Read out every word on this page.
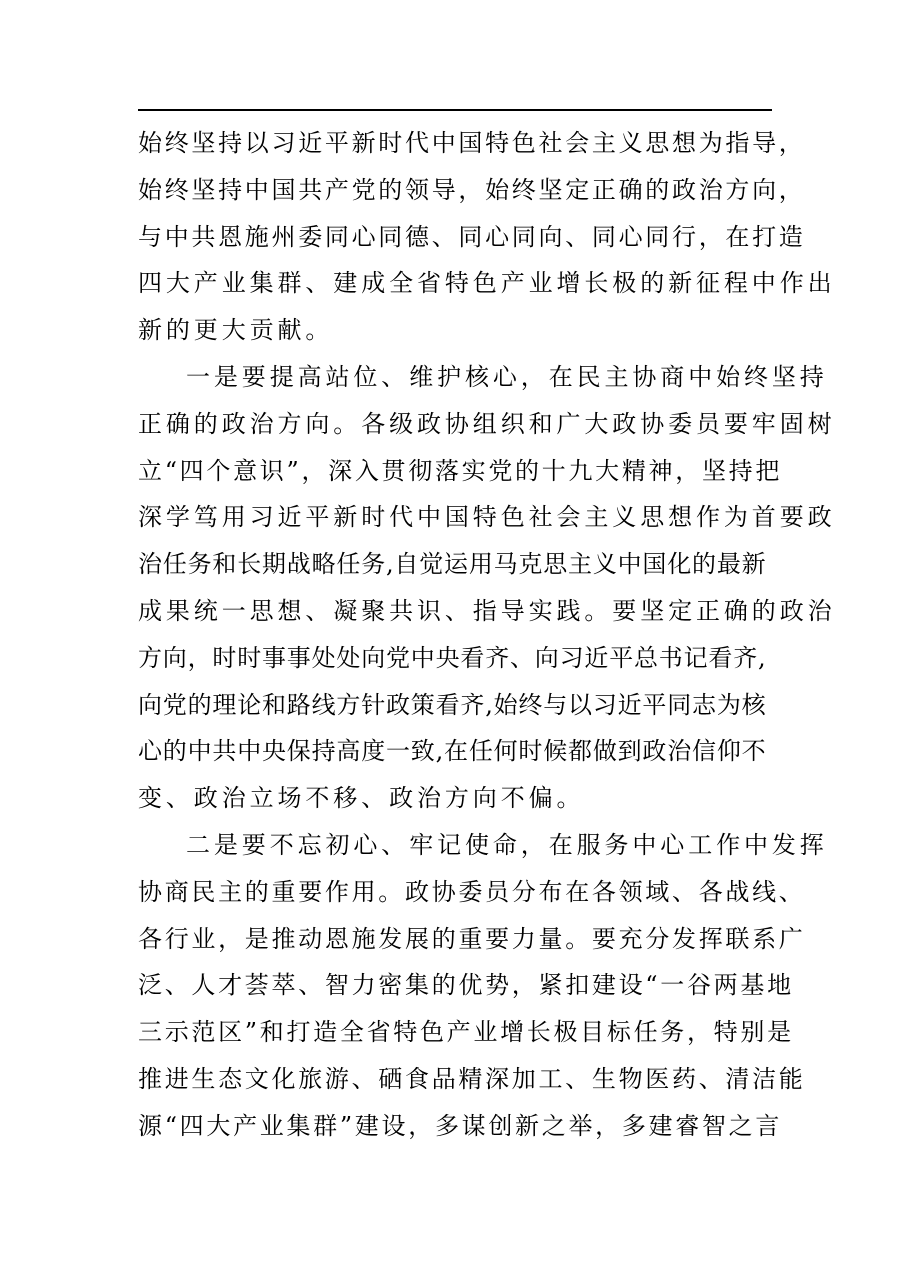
始终坚持以习近平新时代中国特色社会主义思想为指导，
始终坚持中国共产党的领导，始终坚定正确的政治方向，
与中共恩施州委同心同德、同心同向、同心同行，在打造
四大产业集群、建成全省特色产业增长极的新征程中作出
新的更大贡献。
一是要提高站位、维护核心，在民主协商中始终坚持
正确的政治方向。各级政协组织和广大政协委员要牢固树
立“四个意识”，深入贯彻落实党的十九大精神，坚持把
深学笃用习近平新时代中国特色社会主义思想作为首要政
治任务和长期战略任务,自觉运用马克思主义中国化的最新
成果统一思想、凝聚共识、指导实践。要坚定正确的政治
方向，时时事事处处向党中央看齐、向习近平总书记看齐,
向党的理论和路线方针政策看齐,始终与以习近平同志为核
心的中共中央保持高度一致,在任何时候都做到政治信仰不
变、政治立场不移、政治方向不偏。
二是要不忘初心、牢记使命，在服务中心工作中发挥
协商民主的重要作用。政协委员分布在各领域、各战线、
各行业，是推动恩施发展的重要力量。要充分发挥联系广
泛、人才荟萃、智力密集的优势，紧扣建设“一谷两基地
三示范区”和打造全省特色产业增长极目标任务，特别是
推进生态文化旅游、硒食品精深加工、生物医药、清洁能
源“四大产业集群”建设，多谋创新之举，多建睿智之言
